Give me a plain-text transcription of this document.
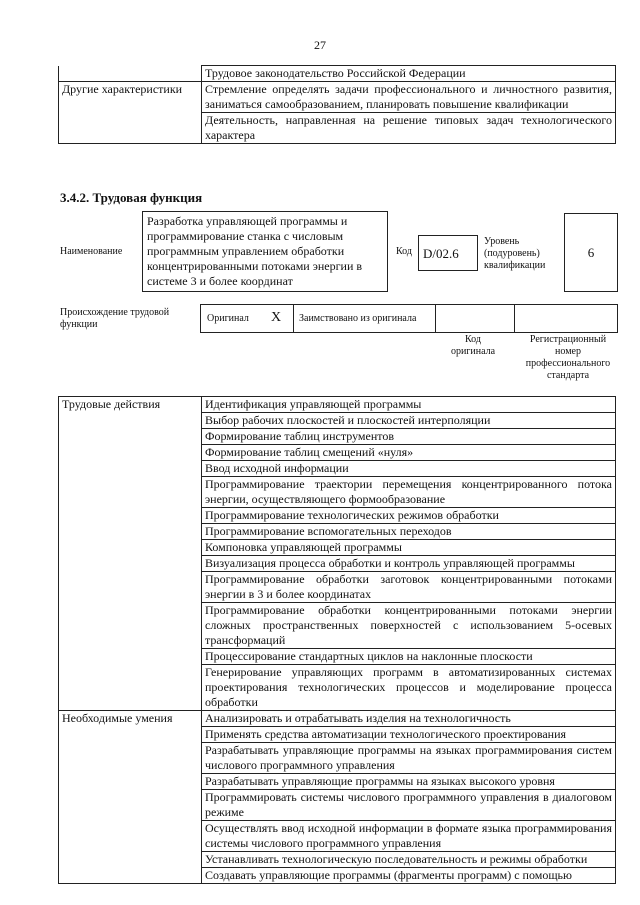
27
	Трудовое законодательство Российской Федерации
Другие характеристики	Стремление определять задачи профессионального и личностного развития, заниматься самообразованием, планировать повышение квалификации
	Деятельность, направленная на решение типовых задач технологического характера
3.4.2. Трудовая функция
Наименование
Разработка управляющей программы и программирование станка с числовым программным управлением обработки концентрированными потоками энергии в системе 3 и более координат
Код D/02.6
Уровень (подуровень) квалификации
6
Происхождение трудовой функции
Оригинал X Заимствовано из оригинала
Код оригинала
Регистрационный номер профессионального стандарта
Трудовые действия	Идентификация управляющей программы
	Выбор рабочих плоскостей и плоскостей интерполяции
	Формирование таблиц инструментов
	Формирование таблиц смещений «нуля»
	Ввод исходной информации
	Программирование траектории перемещения концентрированного потока энергии, осуществляющего формообразование
	Программирование технологических режимов обработки
	Программирование вспомогательных переходов
	Компоновка управляющей программы
	Визуализация процесса обработки и контроль управляющей программы
	Программирование обработки заготовок концентрированными потоками энергии в 3 и более координатах
	Программирование обработки концентрированными потоками энергии сложных пространственных поверхностей с использованием 5-осевых трансформаций
	Процессирование стандартных циклов на наклонные плоскости
	Генерирование управляющих программ в автоматизированных системах проектирования технологических процессов и моделирование процесса обработки
Необходимые умения	Анализировать и отрабатывать изделия на технологичность
	Применять средства автоматизации технологического проектирования
	Разрабатывать управляющие программы на языках программирования систем числового программного управления
	Разрабатывать управляющие программы на языках высокого уровня
	Программировать системы числового программного управления в диалоговом режиме
	Осуществлять ввод исходной информации в формате языка программирования системы числового программного управления
	Устанавливать технологическую последовательность и режимы обработки
	Создавать управляющие программы (фрагменты программ) с помощью
